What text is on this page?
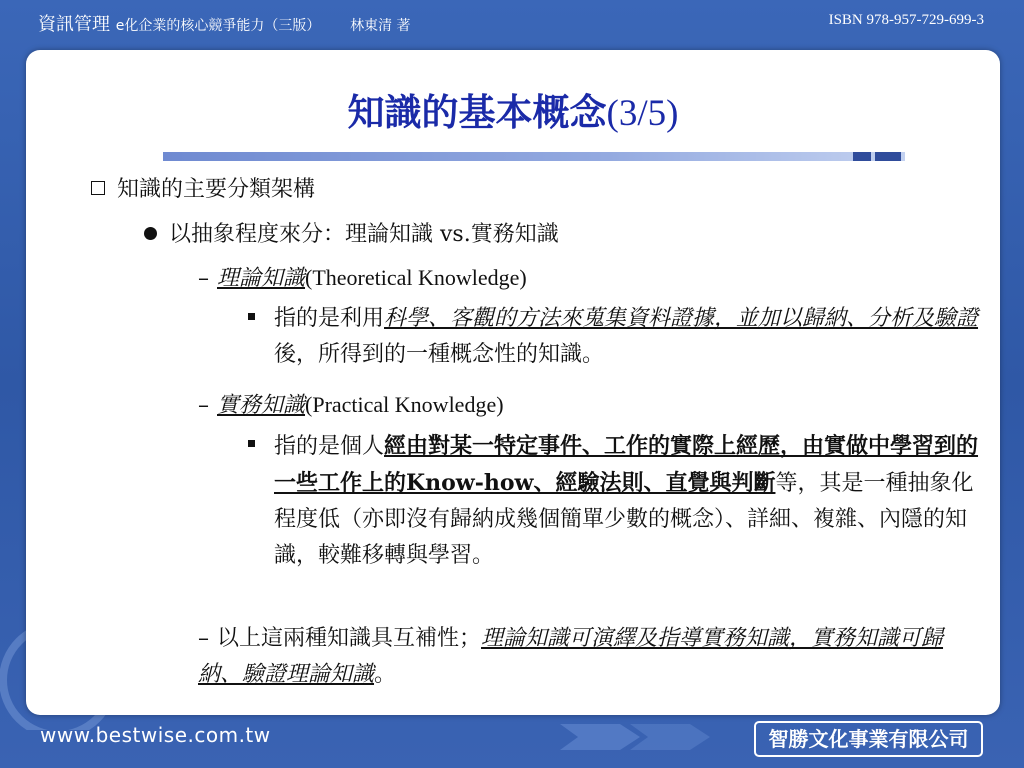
資訊管理 e化企業的核心競爭能力（三版） 林東清 著	ISBN 978-957-729-699-3
知識的基本概念(3/5)
知識的主要分類架構
以抽象程度來分：理論知識 vs.實務知識
– 理論知識(Theoretical Knowledge)
指的是利用科學、客觀的方法來蒐集資料證據，並加以歸納、分析及驗證後，所得到的一種概念性的知識。
– 實務知識(Practical Knowledge)
指的是個人經由對某一特定事件、工作的實際上經歷，由實做中學習到的一些工作上的Know-how、經驗法則、直覺與判斷等，其是一種抽象化程度低（亦即沒有歸納成幾個簡單少數的概念）、詳細、複雜、內隱的知識，較難移轉與學習。
– 以上這兩種知識具互補性；理論知識可演繹及指導實務知識，實務知識可歸納、驗證理論知識。
www.bestwise.com.tw	智勝文化事業有限公司
